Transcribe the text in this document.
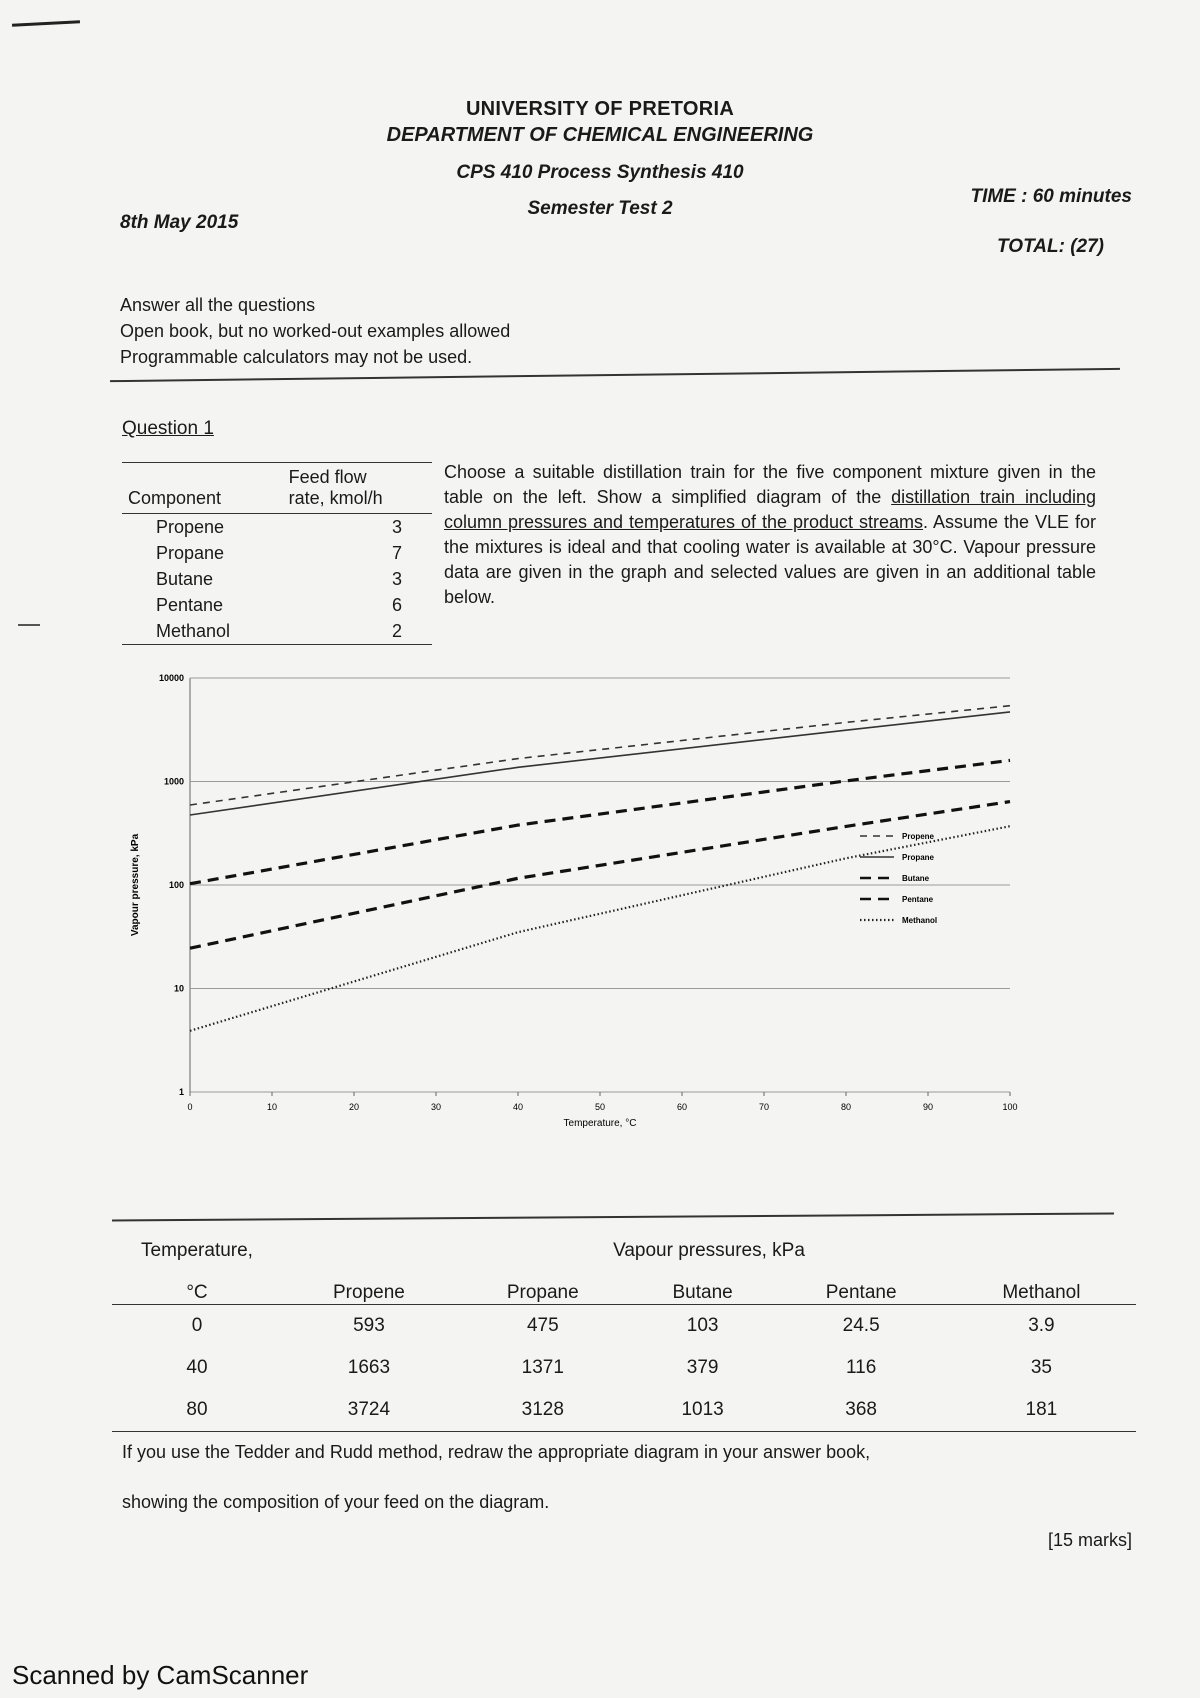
UNIVERSITY OF PRETORIA
DEPARTMENT OF CHEMICAL ENGINEERING
CPS 410 Process Synthesis 410
Semester Test 2
8th May 2015
TIME : 60 minutes
TOTAL: (27)
Answer all the questions
Open book, but no worked-out examples allowed
Programmable calculators may not be used.
Question 1
Component	Feed flow
rate, kmol/h

Propene	3
Propane	7
Butane	3
Pentane	6
Methanol	2
Choose a suitable distillation train for the five component mixture given in the table on the left. Show a simplified diagram of the distillation train including column pressures and temperatures of the product streams. Assume the VLE for the mixtures is ideal and that cooling water is available at 30°C. Vapour pressure data are given in the graph and selected values are given in an additional table below.
1
10
100
1000
10000
0	10	20	30	40	50	60	70	80	90	100
Temperature, °C
Vapour pressure, kPa	Propene
Propane
Butane
Pentane
Methanol
Temperature,	Vapour pressures, kPa				
°C	Propene	Propane	Butane	Pentane	Methanol
0	593	475	103	24.5	3.9
40	1663	1371	379	116	35
80	3724	3128	1013	368	181
If you use the Tedder and Rudd method, redraw the appropriate diagram in your answer book,
showing the composition of your feed on the diagram.
[15 marks]
Scanned by CamScanner
